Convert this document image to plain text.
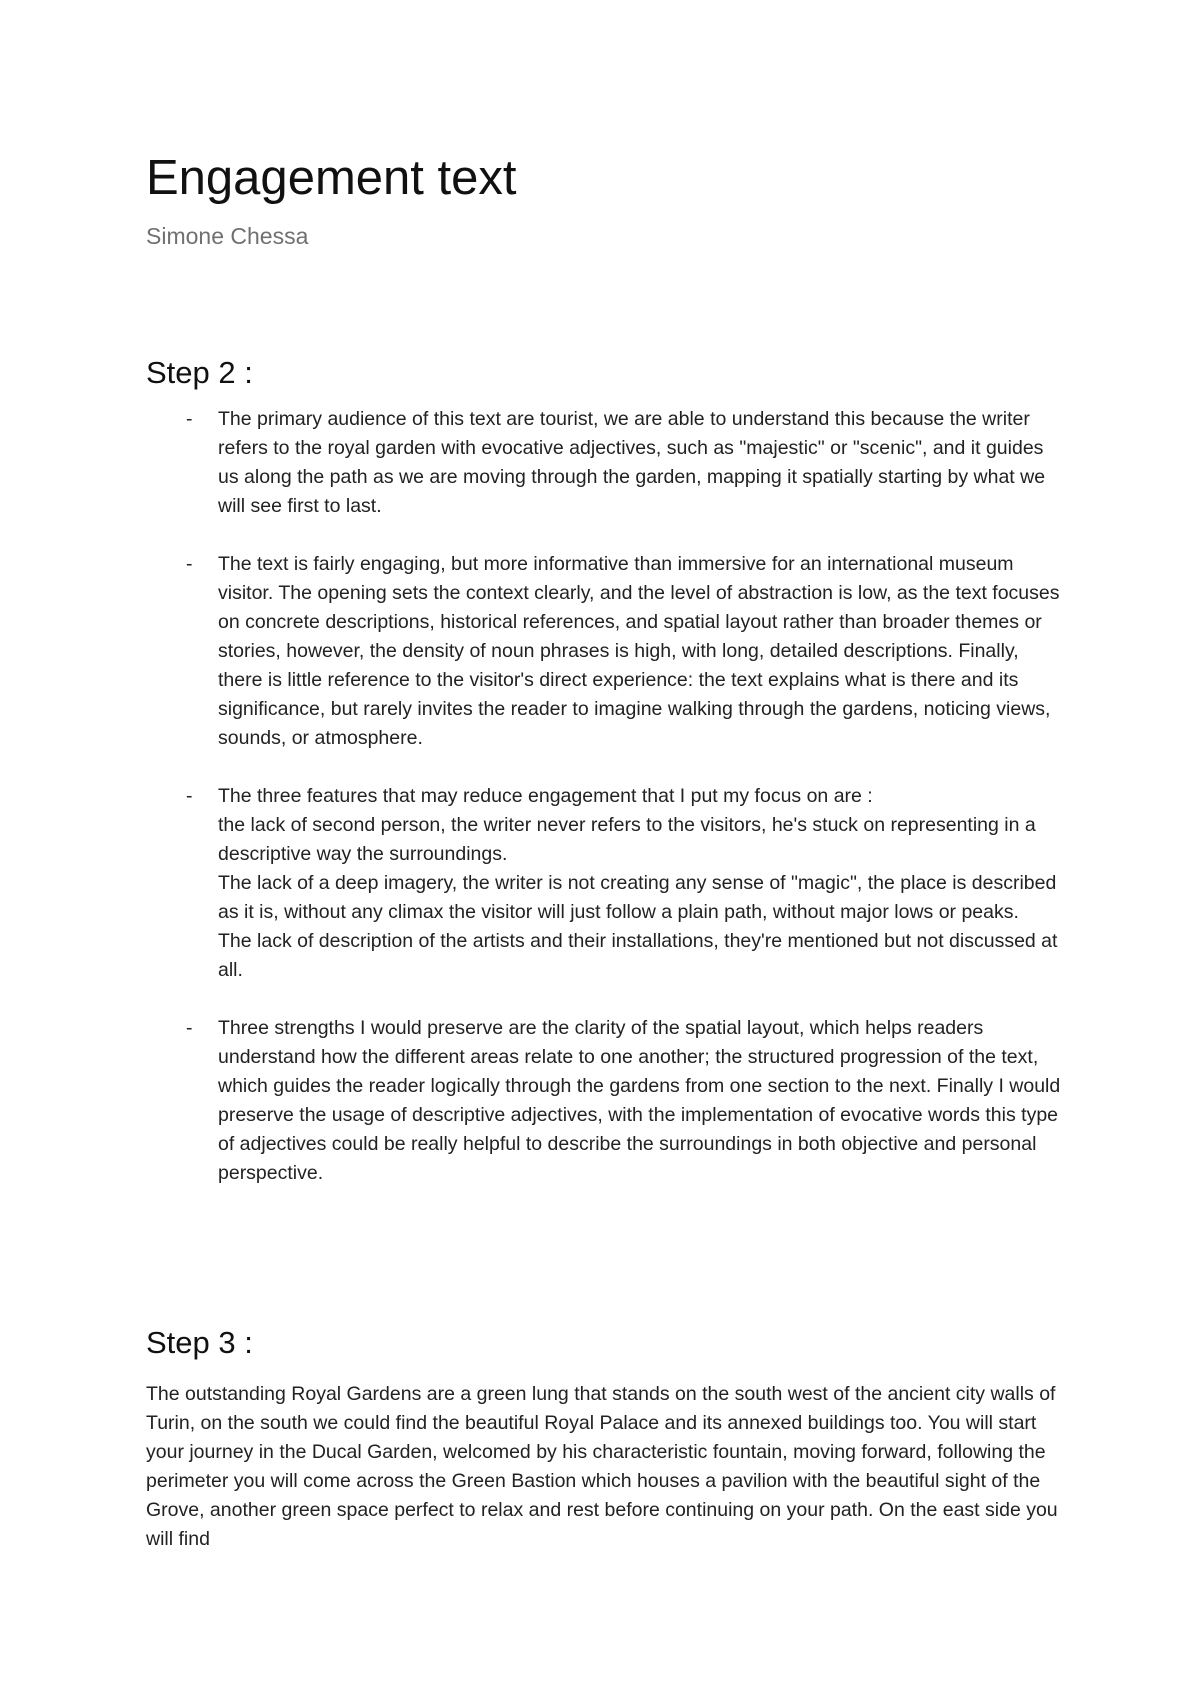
Engagement text

Simone Chessa

Step 2 :
-	The primary audience of this text are tourist, we are able to understand this because the writer refers to the royal garden with evocative adjectives, such as "majestic" or "scenic", and it guides us along the path as we are moving through the garden, mapping it spatially starting by what we will see first to last.

-	The text is fairly engaging, but more informative than immersive for an international museum visitor. The opening sets the context clearly, and the level of abstraction is low, as the text focuses on concrete descriptions, historical references, and spatial layout rather than broader themes or stories, however, the density of noun phrases is high, with long, detailed descriptions. Finally, there is little reference to the visitor's direct experience: the text explains what is there and its significance, but rarely invites the reader to imagine walking through the gardens, noticing views, sounds, or atmosphere.

-	The three features that may reduce engagement that I put my focus on are :

the lack of second person, the writer never refers to the visitors, he's stuck on representing in a descriptive way the surroundings.

The lack of a deep imagery, the writer is not creating any sense of "magic", the place is described as it is, without any climax the visitor will just follow a plain path, without major lows or peaks.

The lack of description of the artists and their installations, they're mentioned but not discussed at all.

-	Three strengths I would preserve are the clarity of the spatial layout, which helps readers understand how the different areas relate to one another; the structured progression of the text, which guides the reader logically through the gardens from one section to the next. Finally I would preserve the usage of descriptive adjectives, with the implementation of evocative words this type of adjectives could be really helpful to describe the surroundings in both objective and personal perspective.

Step 3 :

The outstanding Royal Gardens are a green lung that stands on the south west of the ancient city walls of Turin, on the south we could find the beautiful Royal Palace and its annexed buildings too. You will start your journey in the Ducal Garden, welcomed by his characteristic fountain, moving forward, following the perimeter you will come across the Green Bastion which houses a pavilion with the beautiful sight of the Grove, another green space perfect to relax and rest before continuing on your path. On the east side you will find
